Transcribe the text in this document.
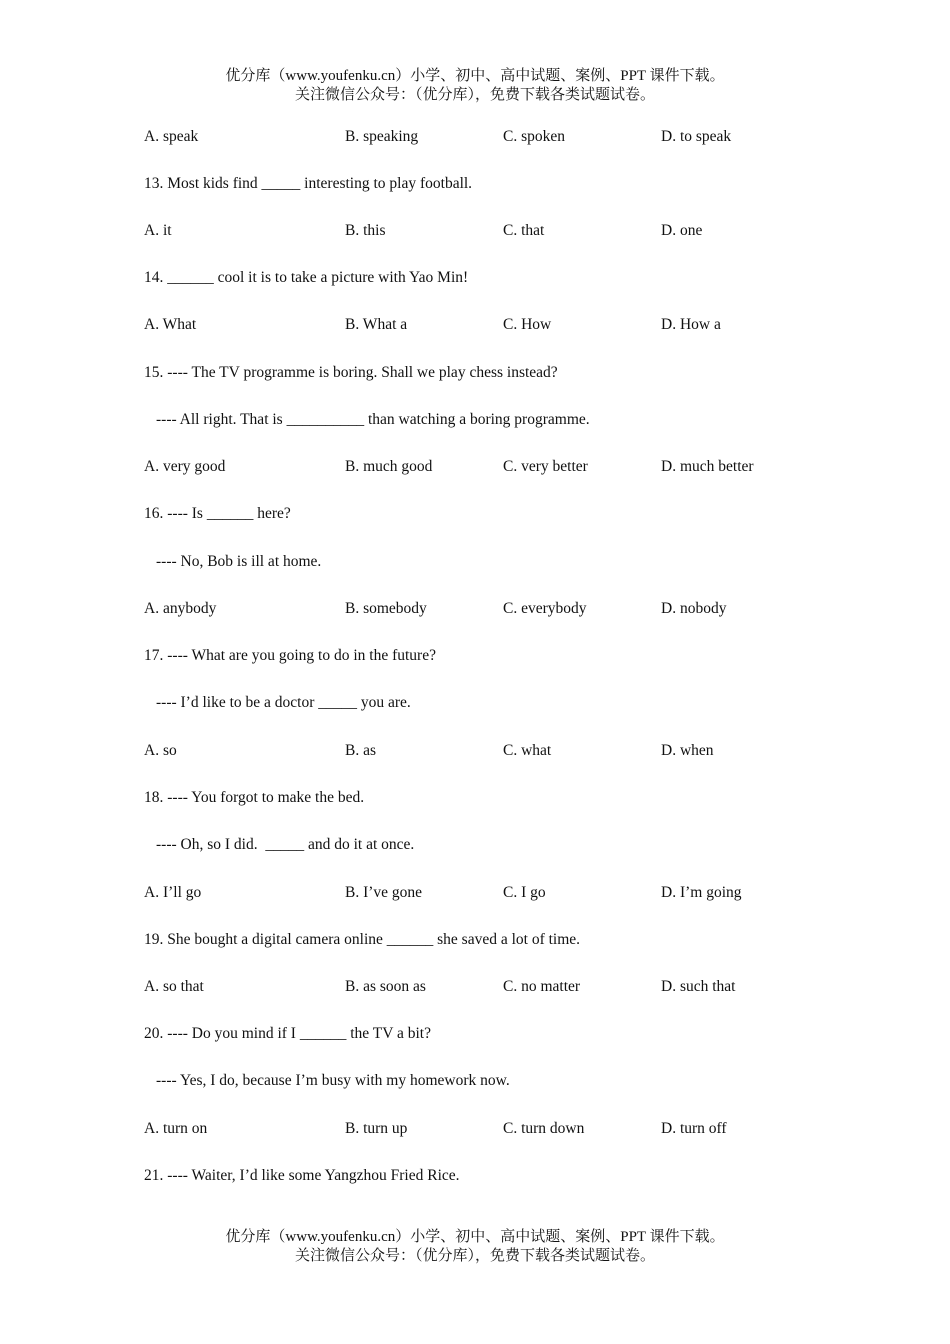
优分库（www.youfenku.cn）小学、初中、高中试题、案例、PPT 课件下载。
关注微信公众号：（优分库），免费下载各类试题试卷。
A. speak	B. speaking	C. spoken	D. to speak
13. Most kids find _____ interesting to play football.
A. it	B. this	C. that	D. one
14. ______ cool it is to take a picture with Yao Min!
A. What	B. What a	C. How	D. How a
15. ---- The TV programme is boring. Shall we play chess instead?
---- All right. That is __________ than watching a boring programme.
A. very good	B. much good	C. very better	D. much better
16. ---- Is ______ here?
---- No, Bob is ill at home.
A. anybody	B. somebody	C. everybody	D. nobody
17. ---- What are you going to do in the future?
---- I’d like to be a doctor _____ you are.
A. so	B. as	C. what	D. when
18. ---- You forgot to make the bed.
---- Oh, so I did.  _____ and do it at once.
A. I’ll go	B. I’ve gone	C. I go	D. I’m going
19. She bought a digital camera online ______ she saved a lot of time.
A. so that	B. as soon as	C. no matter	D. such that
20. ---- Do you mind if I ______ the TV a bit?
---- Yes, I do, because I’m busy with my homework now.
A. turn on	B. turn up	C. turn down	D. turn off
21. ---- Waiter, I’d like some Yangzhou Fried Rice.
优分库（www.youfenku.cn）小学、初中、高中试题、案例、PPT 课件下载。
关注微信公众号：（优分库），免费下载各类试题试卷。
